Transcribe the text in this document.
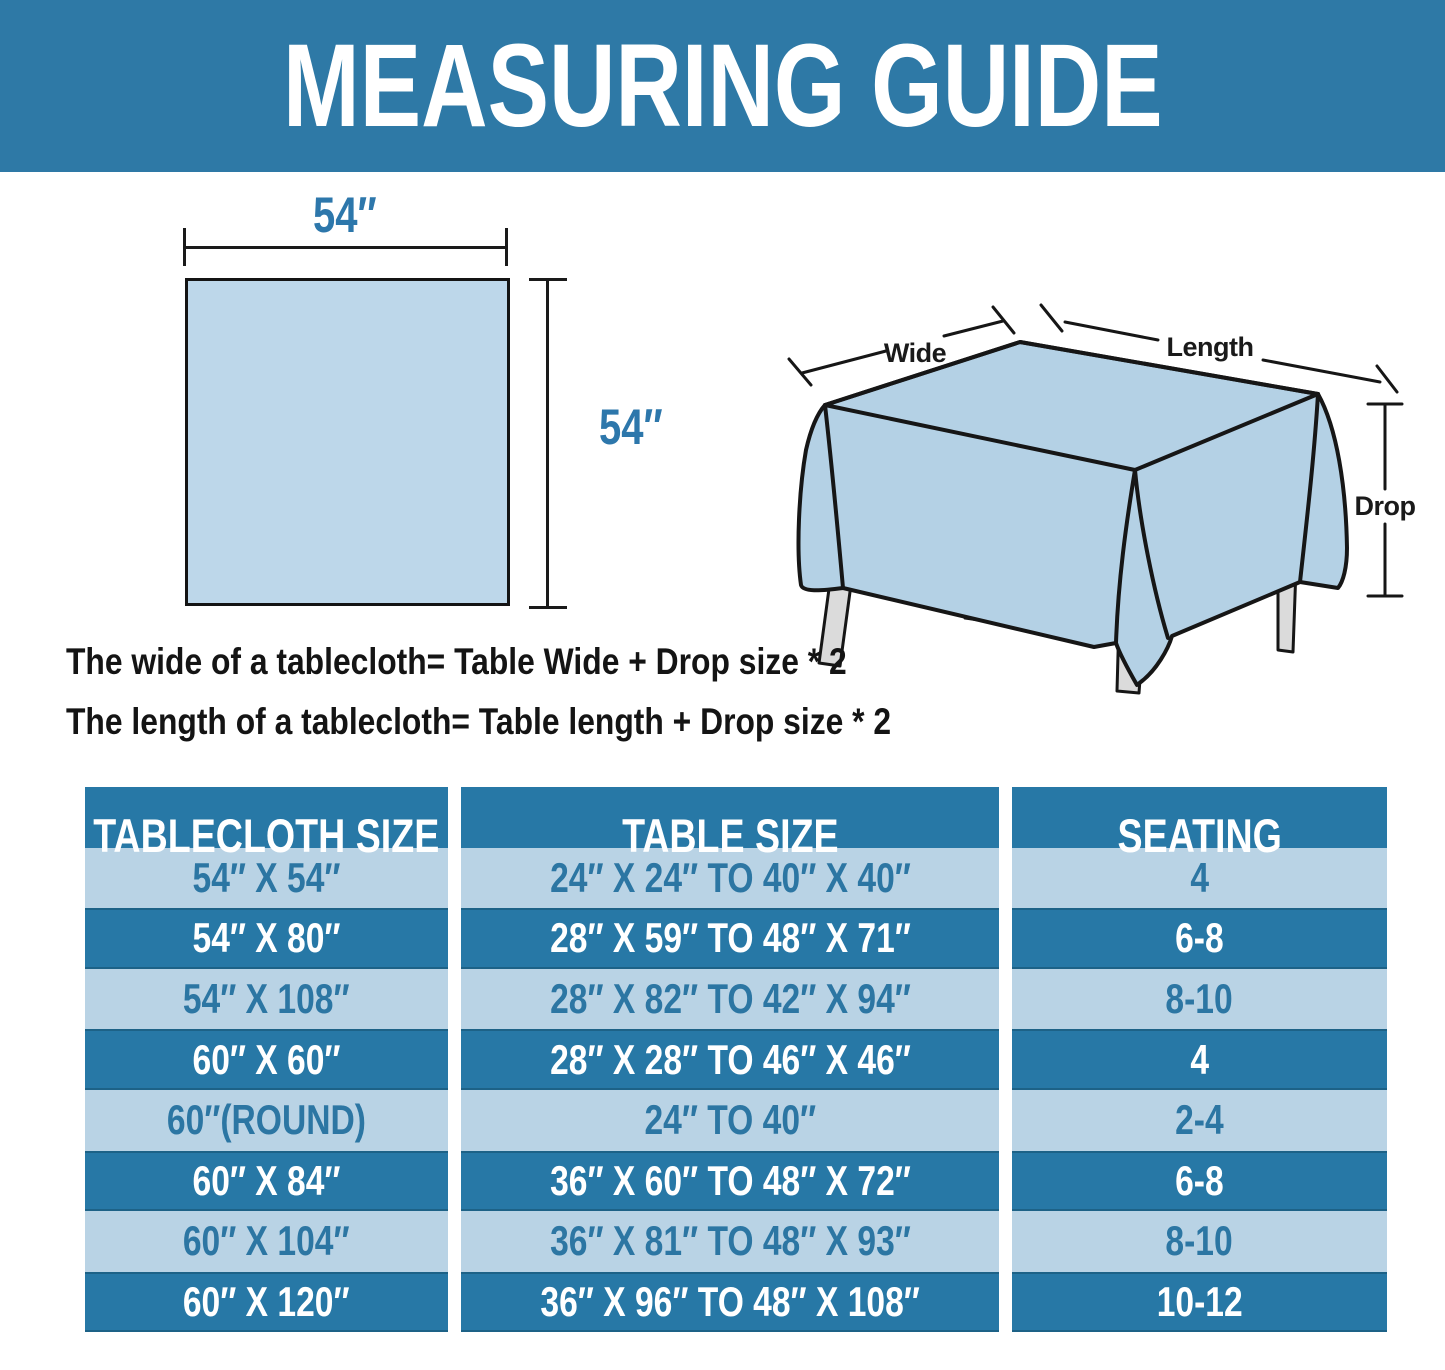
MEASURING GUIDE
54″
54″
Wide	Length
Drop
The wide of a tablecloth= Table Wide + Drop size * 2
The length of a tablecloth= Table length + Drop size * 2
TABLECLOTH SIZE	TABLE SIZE	SEATING
54″ X 54″	24″ X 24″ TO 40″ X 40″	4
54″ X 80″	28″ X 59″ TO 48″ X 71″	6-8
54″ X 108″	28″ X 82″ TO 42″ X 94″	8-10
60″ X 60″	28″ X 28″ TO 46″ X 46″	4
60″(ROUND)	24″ TO 40″	2-4
60″ X 84″	36″ X 60″ TO 48″ X 72″	6-8
60″ X 104″	36″ X 81″ TO 48″ X 93″	8-10
60″ X 120″	36″ X 96″ TO 48″ X 108″	10-12
